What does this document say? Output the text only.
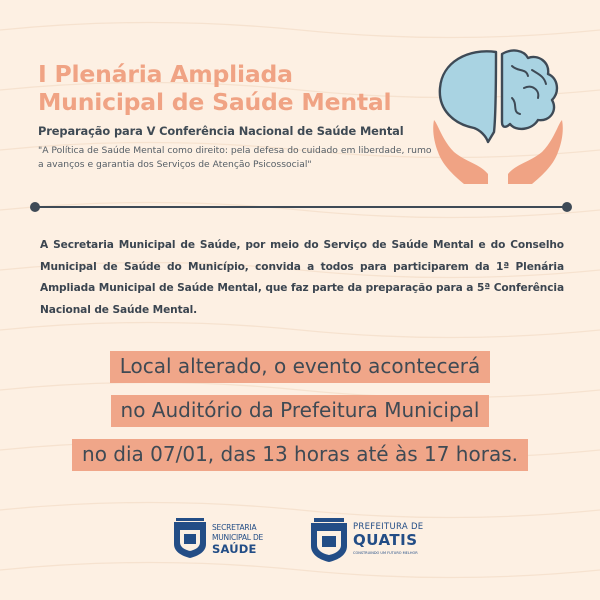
I Plenária Ampliada
Municipal de Saúde Mental
Preparação para V Conferência Nacional de Saúde Mental
"A Política de Saúde Mental como direito: pela defesa do cuidado em liberdade, rumo a avanços e garantia dos Serviços de Atenção Psicossocial"
A Secretaria Municipal de Saúde, por meio do Serviço de Saúde Mental e do Conselho Municipal de Saúde do Município, convida a todos para participarem da 1ª Plenária Ampliada Municipal de Saúde Mental, que faz parte da preparação para a 5ª Conferência Nacional de Saúde Mental.
Local alterado, o evento acontecerá
no Auditório da Prefeitura Municipal
no dia 07/01, das 13 horas até às 17 horas.
SECRETARIA
MUNICIPAL DE
SAÚDE
PREFEITURA DE
QUATIS
CONSTRUINDO UM FUTURO MELHOR
